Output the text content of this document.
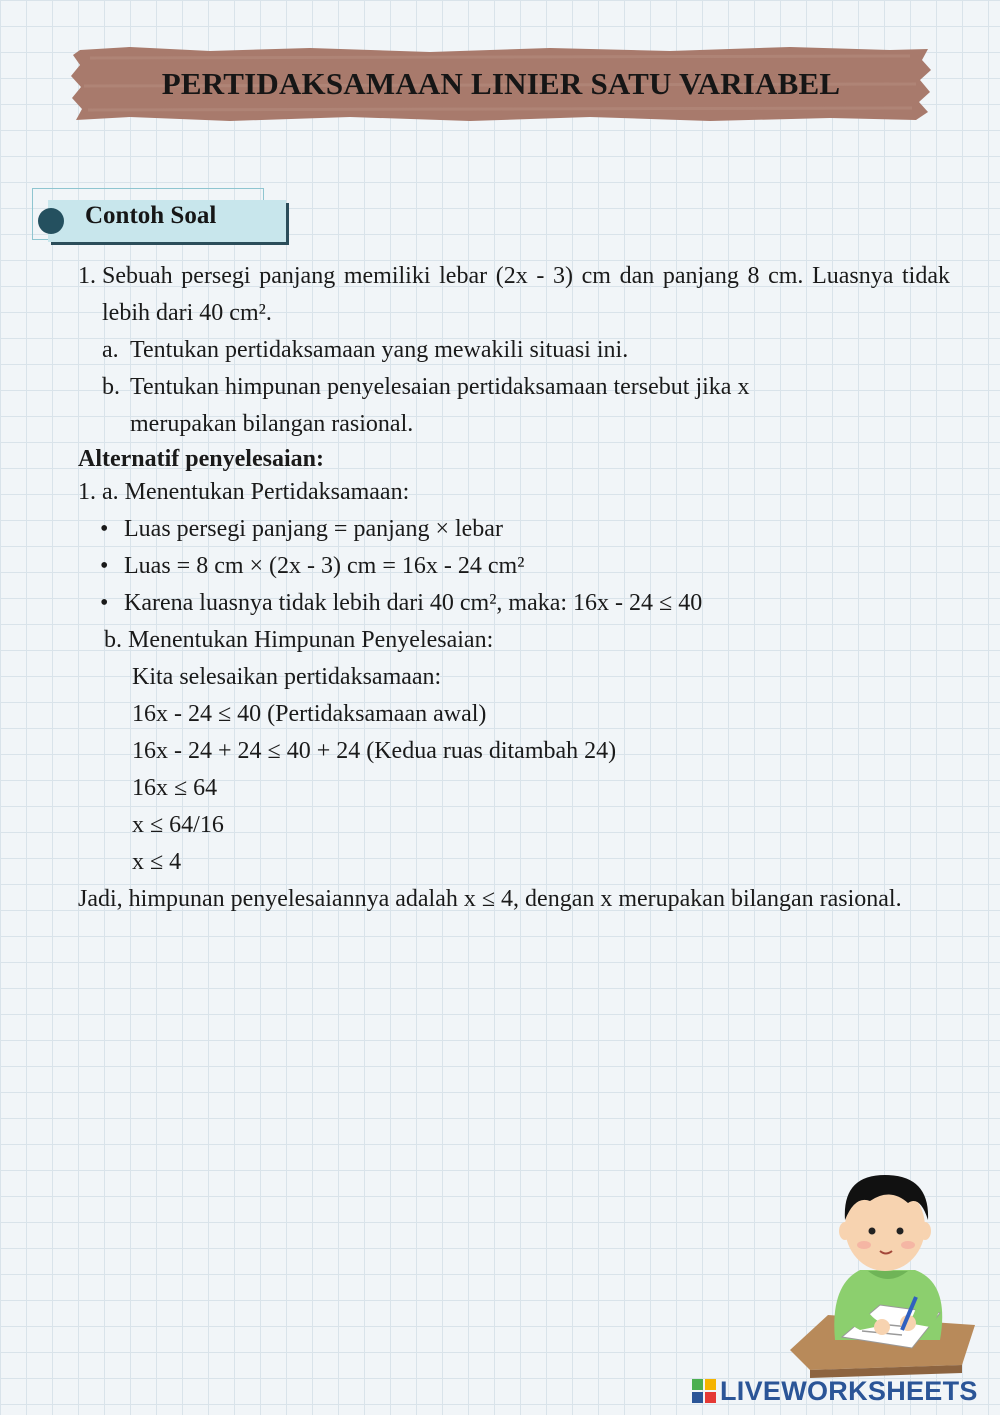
PERTIDAKSAMAAN LINIER SATU VARIABEL
Contoh Soal
1. Sebuah persegi panjang memiliki lebar (2x - 3) cm dan panjang 8 cm. Luasnya tidak lebih dari 40 cm².
a. Tentukan pertidaksamaan yang mewakili situasi ini.
b. Tentukan himpunan penyelesaian pertidaksamaan tersebut jika x
merupakan bilangan rasional.
Alternatif penyelesaian:
1. a. Menentukan Pertidaksamaan:
• Luas persegi panjang = panjang × lebar
• Luas = 8 cm × (2x - 3) cm = 16x - 24 cm²
• Karena luasnya tidak lebih dari 40 cm², maka: 16x - 24 ≤ 40
b. Menentukan Himpunan Penyelesaian:
Kita selesaikan pertidaksamaan:
16x - 24 ≤ 40 (Pertidaksamaan awal)
16x - 24 + 24 ≤ 40 + 24 (Kedua ruas ditambah 24)
16x ≤ 64
x ≤ 64/16
x ≤ 4
Jadi, himpunan penyelesaiannya adalah x ≤ 4, dengan x merupakan bilangan rasional.
LIVEWORKSHEETS
